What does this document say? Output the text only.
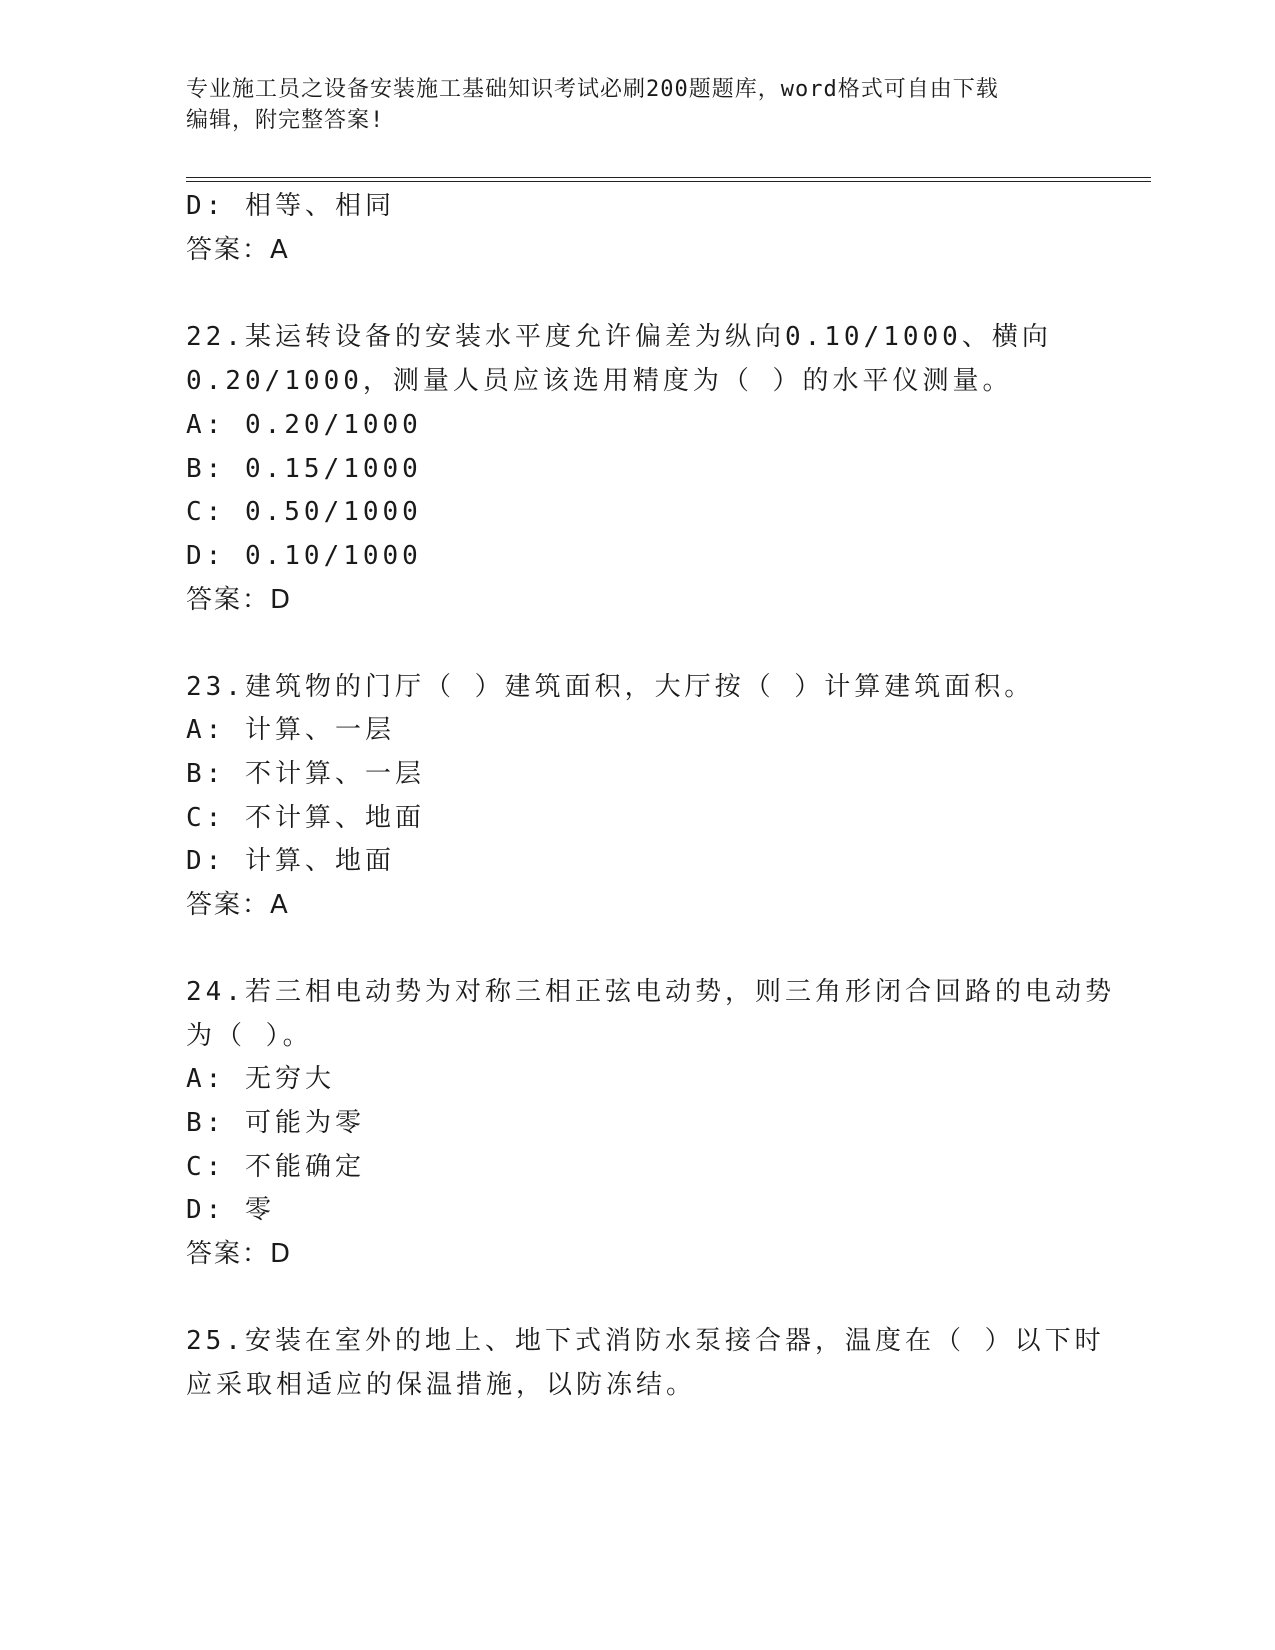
专业施工员之设备安装施工基础知识考试必刷200题题库，word格式可自由下载
编辑，附完整答案!
D: 相等、相同
答案：A
22.某运转设备的安装水平度允许偏差为纵向0.10/1000、横向
0.20/1000，测量人员应该选用精度为（ ）的水平仪测量。
A: 0.20/1000
B: 0.15/1000
C: 0.50/1000
D: 0.10/1000
答案：D
23.建筑物的门厅（ ）建筑面积，大厅按（ ）计算建筑面积。
A: 计算、一层
B: 不计算、一层
C: 不计算、地面
D: 计算、地面
答案：A
24.若三相电动势为对称三相正弦电动势，则三角形闭合回路的电动势
为（ ）。
A: 无穷大
B: 可能为零
C: 不能确定
D: 零
答案：D
25.安装在室外的地上、地下式消防水泵接合器，温度在（ ）以下时
应采取相适应的保温措施，以防冻结。
